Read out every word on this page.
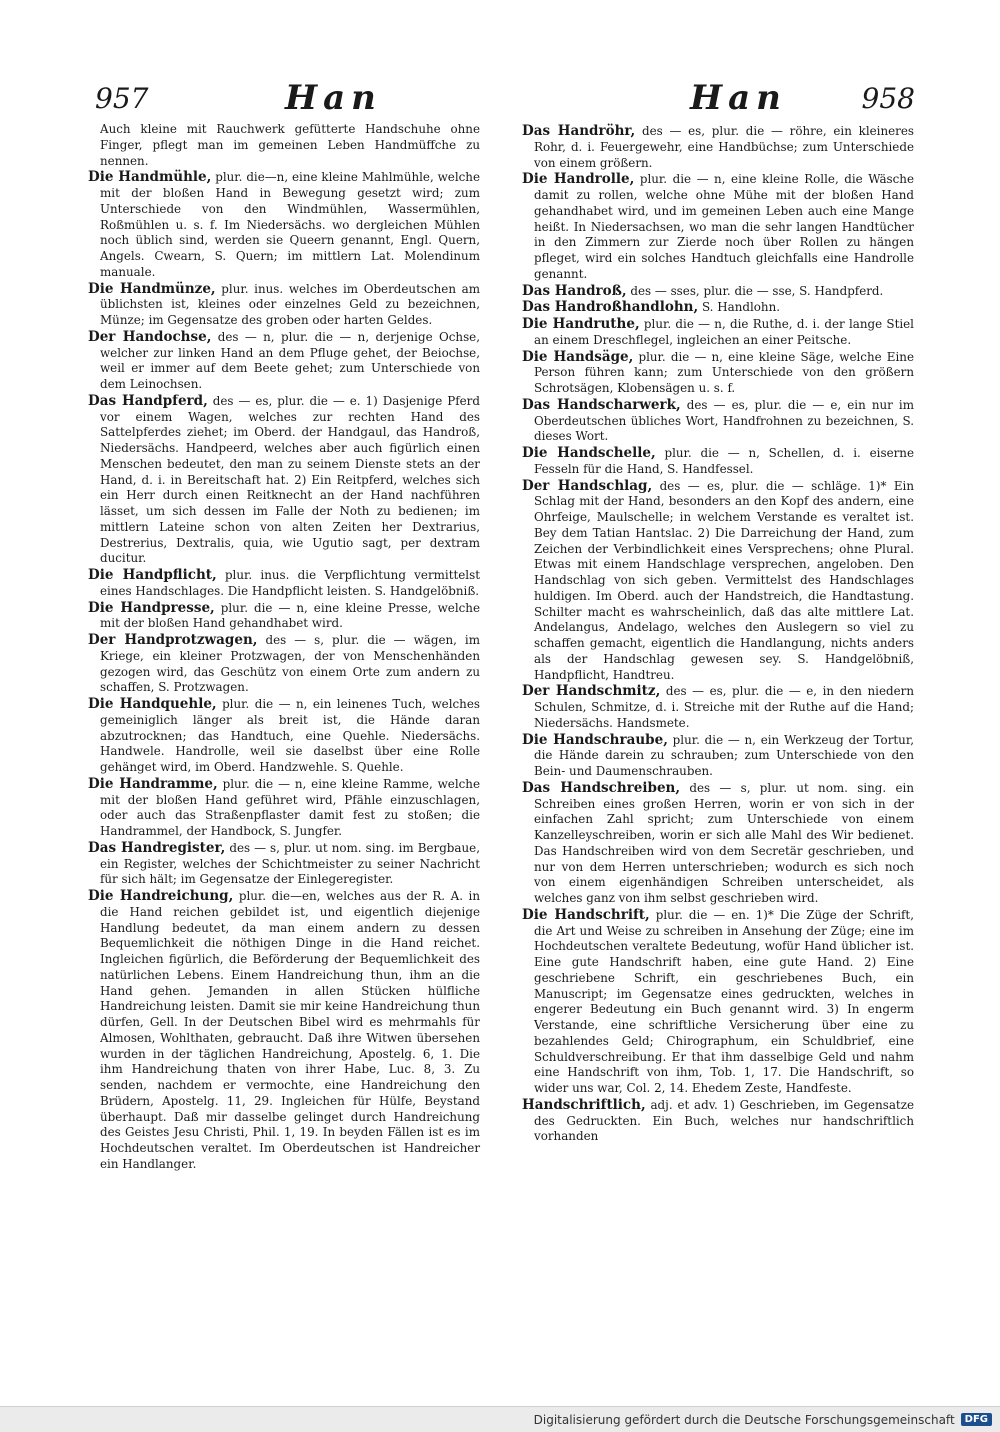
957	Han	Han	958

Auch kleine mit Rauchwerk gefütterte Handschuhe ohne Finger, pflegt man im gemeinen Leben Handmüffche zu nennen.

Die Handmühle, plur. die—n, eine kleine Mahlmühle, welche mit der bloßen Hand in Bewegung gesetzt wird; zum Unterschiede von den Windmühlen, Wassermühlen, Roßmühlen u. s. f. Im Niedersächs. wo dergleichen Mühlen noch üblich sind, werden sie Queern genannt, Engl. Quern, Angels. Cwearn, S. Quern; im mittlern Lat. Molendinum manuale.

Die Handmünze, plur. inus. welches im Oberdeutschen am üblichsten ist, kleines oder einzelnes Geld zu bezeichnen, Münze; im Gegensatze des groben oder harten Geldes.

Der Handochse, des — n, plur. die — n, derjenige Ochse, welcher zur linken Hand an dem Pfluge gehet, der Beiochse, weil er immer auf dem Beete gehet; zum Unterschiede von dem Leinochsen.

Das Handpferd, des — es, plur. die — e. 1) Dasjenige Pferd vor einem Wagen, welches zur rechten Hand des Sattelpferdes ziehet; im Oberd. der Handgaul, das Handroß, Niedersächs. Handpeerd, welches aber auch figürlich einen Menschen bedeutet, den man zu seinem Dienste stets an der Hand, d. i. in Bereitschaft hat. 2) Ein Reitpferd, welches sich ein Herr durch einen Reitknecht an der Hand nachführen lässet, um sich dessen im Falle der Noth zu bedienen; im mittlern Lateine schon von alten Zeiten her Dextrarius, Destrerius, Dextralis, quia, wie Ugutio sagt, per dextram ducitur.

Die Handpflicht, plur. inus. die Verpflichtung vermittelst eines Handschlages. Die Handpflicht leisten. S. Handgelöbniß.

Die Handpresse, plur. die — n, eine kleine Presse, welche mit der bloßen Hand gehandhabet wird.

Der Handprotzwagen, des — s, plur. die — wägen, im Kriege, ein kleiner Protzwagen, der von Menschenhänden gezogen wird, das Geschütz von einem Orte zum andern zu schaffen, S. Protzwagen.

Die Handquehle, plur. die — n, ein leinenes Tuch, welches gemeiniglich länger als breit ist, die Hände daran abzutrocknen; das Handtuch, eine Quehle. Niedersächs. Handwele. Handrolle, weil sie daselbst über eine Rolle gehänget wird, im Oberd. Handzwehle. S. Quehle.

Die Handramme, plur. die — n, eine kleine Ramme, welche mit der bloßen Hand geführet wird, Pfähle einzuschlagen, oder auch das Straßenpflaster damit fest zu stoßen; die Handrammel, der Handbock, S. Jungfer.

Das Handregister, des — s, plur. ut nom. sing. im Bergbaue, ein Register, welches der Schichtmeister zu seiner Nachricht für sich hält; im Gegensatze der Einlegeregister.

Die Handreichung, plur. die—en, welches aus der R. A. in die Hand reichen gebildet ist, und eigentlich diejenige Handlung bedeutet, da man einem andern zu dessen Bequemlichkeit die nöthigen Dinge in die Hand reichet. Ingleichen figürlich, die Beförderung der Bequemlichkeit des natürlichen Lebens. Einem Handreichung thun, ihm an die Hand gehen. Jemanden in allen Stücken hülfliche Handreichung leisten. Damit sie mir keine Handreichung thun dürfen, Gell. In der Deutschen Bibel wird es mehrmahls für Almosen, Wohlthaten, gebraucht. Daß ihre Witwen übersehen wurden in der täglichen Handreichung, Apostelg. 6, 1. Die ihm Handreichung thaten von ihrer Habe, Luc. 8, 3. Zu senden, nachdem er vermochte, eine Handreichung den Brüdern, Apostelg. 11, 29. Ingleichen für Hülfe, Beystand überhaupt. Daß mir dasselbe gelinget durch Handreichung des Geistes Jesu Christi, Phil. 1, 19. In beyden Fällen ist es im Hochdeutschen veraltet. Im Oberdeutschen ist Handreicher ein Handlanger.

Das Handröhr, des — es, plur. die — röhre, ein kleineres Rohr, d. i. Feuergewehr, eine Handbüchse; zum Unterschiede von einem größern.

Die Handrolle, plur. die — n, eine kleine Rolle, die Wäsche damit zu rollen, welche ohne Mühe mit der bloßen Hand gehandhabet wird, und im gemeinen Leben auch eine Mange heißt. In Niedersachsen, wo man die sehr langen Handtücher in den Zimmern zur Zierde noch über Rollen zu hängen pfleget, wird ein solches Handtuch gleichfalls eine Handrolle genannt.

Das Handroß, des — sses, plur. die — sse, S. Handpferd.

Das Handroßhandlohn, S. Handlohn.

Die Handruthe, plur. die — n, die Ruthe, d. i. der lange Stiel an einem Dreschflegel, ingleichen an einer Peitsche.

Die Handsäge, plur. die — n, eine kleine Säge, welche Eine Person führen kann; zum Unterschiede von den größern Schrotsägen, Klobensägen u. s. f.

Das Handscharwerk, des — es, plur. die — e, ein nur im Oberdeutschen übliches Wort, Handfrohnen zu bezeichnen, S. dieses Wort.

Die Handschelle, plur. die — n, Schellen, d. i. eiserne Fesseln für die Hand, S. Handfessel.

Der Handschlag, des — es, plur. die — schläge. 1)* Ein Schlag mit der Hand, besonders an den Kopf des andern, eine Ohrfeige, Maulschelle; in welchem Verstande es veraltet ist. Bey dem Tatian Hantslac. 2) Die Darreichung der Hand, zum Zeichen der Verbindlichkeit eines Versprechens; ohne Plural. Etwas mit einem Handschlage versprechen, angeloben. Den Handschlag von sich geben. Vermittelst des Handschlages huldigen. Im Oberd. auch der Handstreich, die Handtastung. Schilter macht es wahrscheinlich, daß das alte mittlere Lat. Andelangus, Andelago, welches den Auslegern so viel zu schaffen gemacht, eigentlich die Handlangung, nichts anders als der Handschlag gewesen sey. S. Handgelöbniß, Handpflicht, Handtreu.

Der Handschmitz, des — es, plur. die — e, in den niedern Schulen, Schmitze, d. i. Streiche mit der Ruthe auf die Hand; Niedersächs. Handsmete.

Die Handschraube, plur. die — n, ein Werkzeug der Tortur, die Hände darein zu schrauben; zum Unterschiede von den Bein- und Daumenschrauben.

Das Handschreiben, des — s, plur. ut nom. sing. ein Schreiben eines großen Herren, worin er von sich in der einfachen Zahl spricht; zum Unterschiede von einem Kanzelleyschreiben, worin er sich alle Mahl des Wir bedienet. Das Handschreiben wird von dem Secretär geschrieben, und nur von dem Herren unterschrieben; wodurch es sich noch von einem eigenhändigen Schreiben unterscheidet, als welches ganz von ihm selbst geschrieben wird.

Die Handschrift, plur. die — en. 1)* Die Züge der Schrift, die Art und Weise zu schreiben in Ansehung der Züge; eine im Hochdeutschen veraltete Bedeutung, wofür Hand üblicher ist. Eine gute Handschrift haben, eine gute Hand. 2) Eine geschriebene Schrift, ein geschriebenes Buch, ein Manuscript; im Gegensatze eines gedruckten, welches in engerer Bedeutung ein Buch genannt wird. 3) In engerm Verstande, eine schriftliche Versicherung über eine zu bezahlendes Geld; Chirographum, ein Schuldbrief, eine Schuldverschreibung. Er that ihm dasselbige Geld und nahm eine Handschrift von ihm, Tob. 1, 17. Die Handschrift, so wider uns war, Col. 2, 14. Ehedem Zeste, Handfeste.

Handschriftlich, adj. et adv. 1) Geschrieben, im Gegensatze des Gedruckten. Ein Buch, welches nur handschriftlich vorhanden

Digitalisierung gefördert durch die Deutsche Forschungsgemeinschaft	DFG
